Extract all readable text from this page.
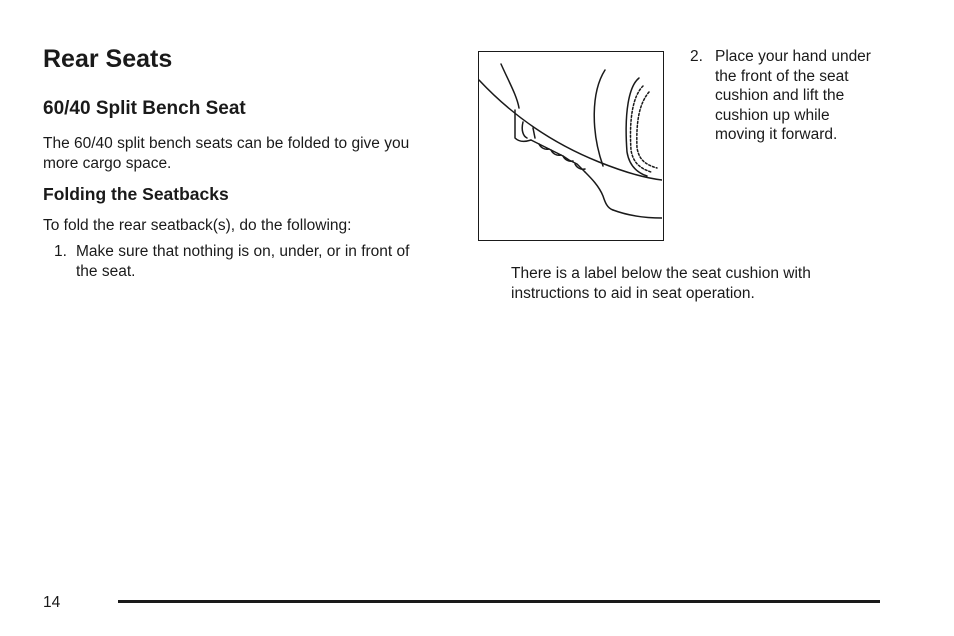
Rear Seats
60/40 Split Bench Seat

The 60/40 split bench seats can be folded to give you more cargo space.

Folding the Seatbacks

To fold the rear seatback(s), do the following:

1. Make sure that nothing is on, under, or in front of the seat.
2. Place your hand under the front of the seat cushion and lift the cushion up while moving it forward.

There is a label below the seat cushion with instructions to aid in seat operation.

14
